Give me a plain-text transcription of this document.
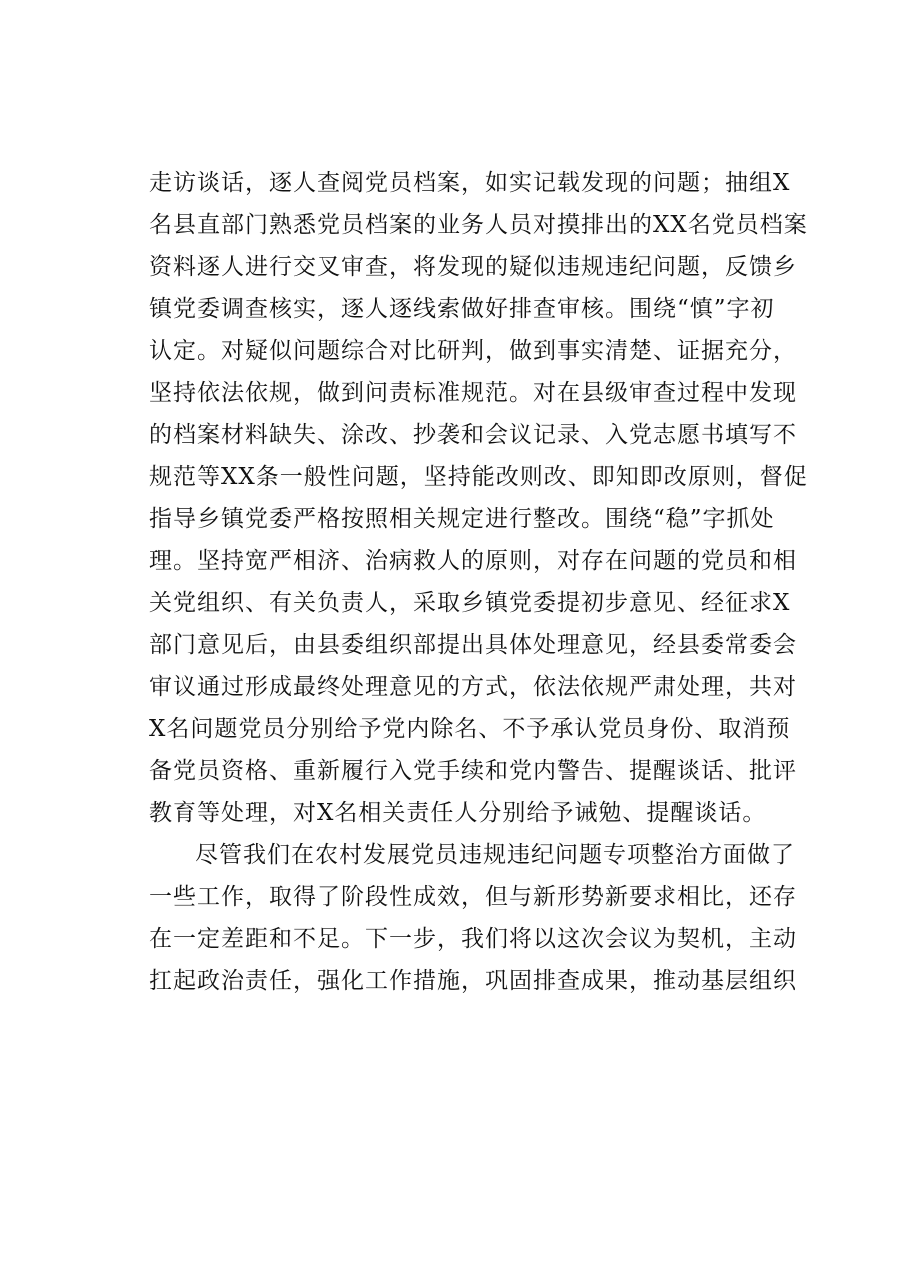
走访谈话，逐人查阅党员档案，如实记载发现的问题；抽组X
名县直部门熟悉党员档案的业务人员对摸排出的XX名党员档案
资料逐人进行交叉审查，将发现的疑似违规违纪问题，反馈乡
镇党委调查核实，逐人逐线索做好排查审核。围绕“慎”字初
认定。对疑似问题综合对比研判，做到事实清楚、证据充分，
坚持依法依规，做到问责标准规范。对在县级审查过程中发现
的档案材料缺失、涂改、抄袭和会议记录、入党志愿书填写不
规范等XX条一般性问题，坚持能改则改、即知即改原则，督促
指导乡镇党委严格按照相关规定进行整改。围绕“稳”字抓处
理。坚持宽严相济、治病救人的原则，对存在问题的党员和相
关党组织、有关负责人，采取乡镇党委提初步意见、经征求X
部门意见后，由县委组织部提出具体处理意见，经县委常委会
审议通过形成最终处理意见的方式，依法依规严肃处理，共对
X名问题党员分别给予党内除名、不予承认党员身份、取消预
备党员资格、重新履行入党手续和党内警告、提醒谈话、批评
教育等处理，对X名相关责任人分别给予诫勉、提醒谈话。
尽管我们在农村发展党员违规违纪问题专项整治方面做了
一些工作，取得了阶段性成效，但与新形势新要求相比，还存
在一定差距和不足。下一步，我们将以这次会议为契机，主动
扛起政治责任，强化工作措施，巩固排查成果，推动基层组织
